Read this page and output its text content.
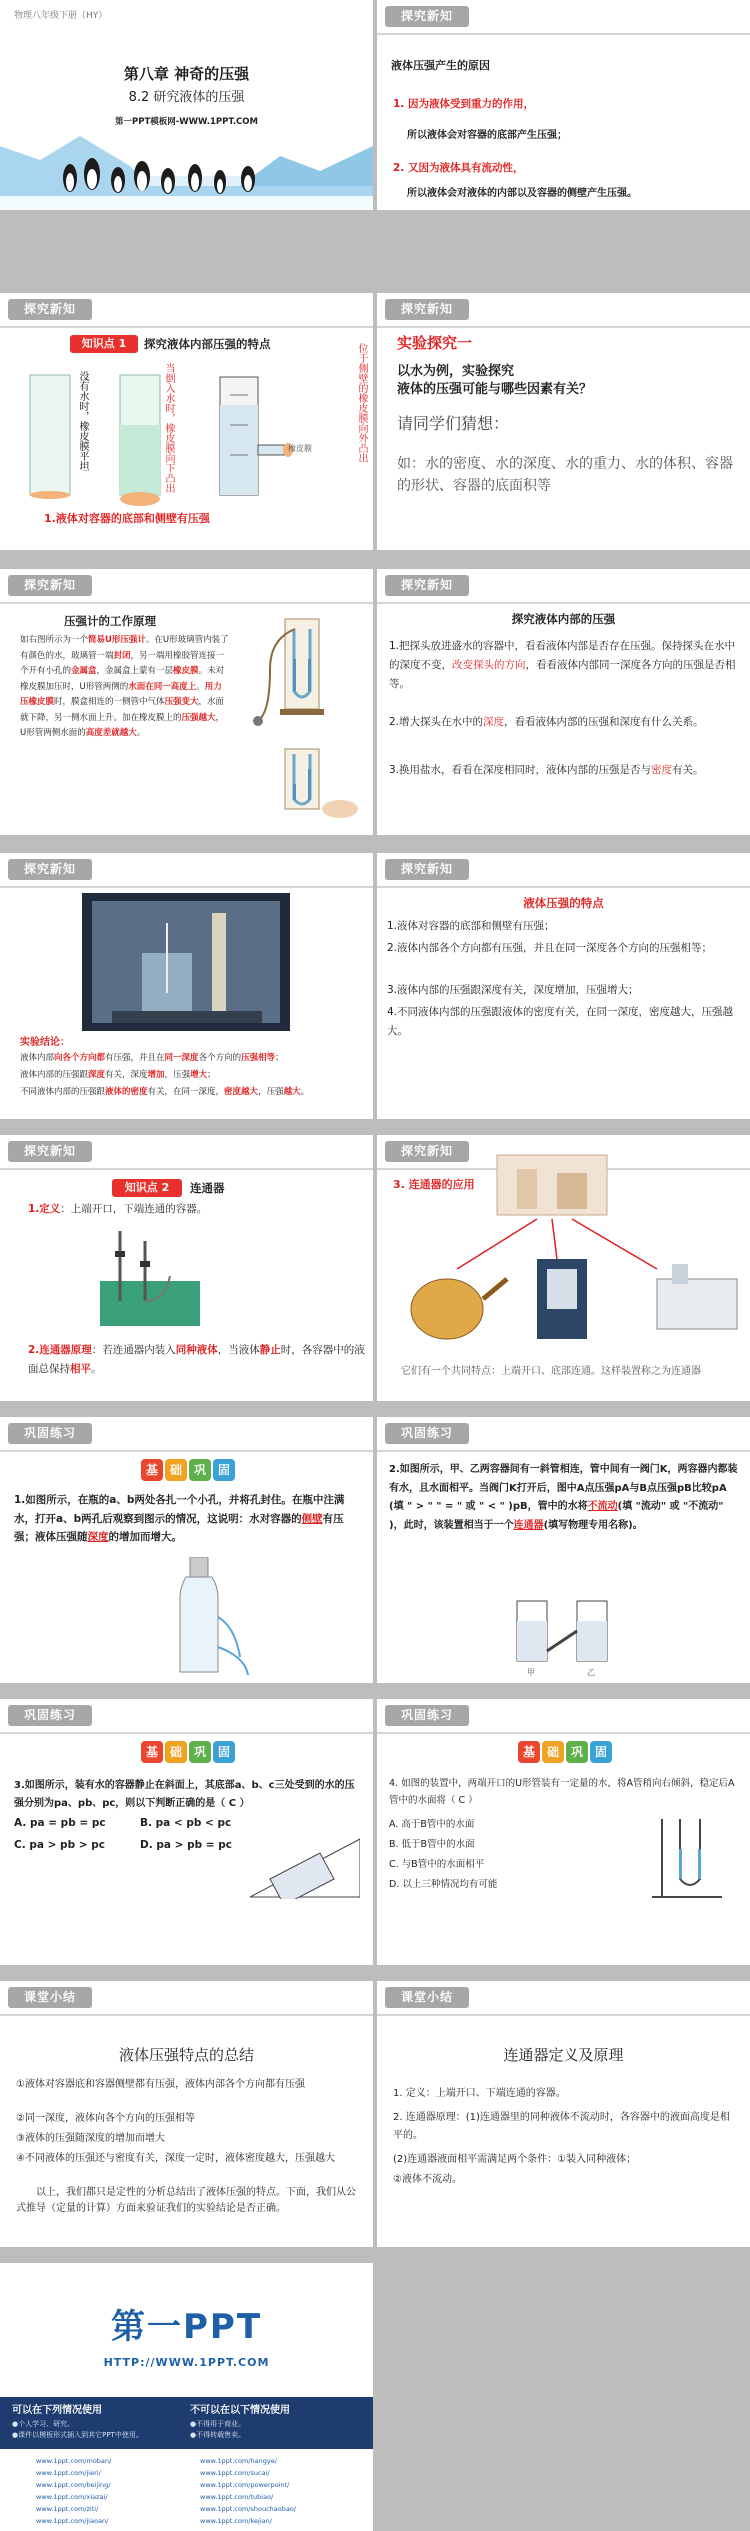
物理八年级下册（HY）
第八章 神奇的压强
8.2 研究液体的压强
第一PPT模板网-WWW.1PPT.COM
探究新知
液体压强产生的原因
1. 因为液体受到重力的作用，
所以液体会对容器的底部产生压强；
2. 又因为液体具有流动性，
所以液体会对液体的内部以及容器的侧壁产生压强。
探究新知
知识点 1	探究液体内部压强的特点
没有水时，橡皮膜平坦	当倒入水时，橡皮膜向下凸出	位于侧壁的橡皮膜向外凸出
橡皮膜
1.液体对容器的底部和侧壁有压强
探究新知
实验探究一
以水为例，实验探究
液体的压强可能与哪些因素有关？
请同学们猜想：
如：水的密度、水的深度、水的重力、水的体积、容器的形状、容器的底面积等
探究新知
压强计的工作原理
如右图所示为一个简易U形压强计。在U形玻璃管内装了有颜色的水，玻璃管一端封闭，另一端用橡胶管连接一个开有小孔的金属盒，金属盒上蒙有一层橡皮膜。未对橡皮膜加压时，U形管两侧的水面在同一高度上。用力压橡皮膜时，膜盒相连的一侧管中气体压强变大，水面就下降，另一侧水面上升。加在橡皮膜上的压强越大，U形管两侧水面的高度差就越大。
探究新知
探究液体内部的压强
1.把探头放进盛水的容器中，看看液体内部是否存在压强。保持探头在水中的深度不变，改变探头的方向，看看液体内部同一深度各方向的压强是否相等。
2.增大探头在水中的深度，看看液体内部的压强和深度有什么关系。
3.换用盐水，看看在深度相同时，液体内部的压强是否与密度有关。
探究新知
实验结论：
液体内部向各个方向都有压强，并且在同一深度各个方向的压强相等；
液体内部的压强跟深度有关，深度增加，压强增大；
不同液体内部的压强跟液体的密度有关，在同一深度，密度越大，压强越大。
探究新知
液体压强的特点
1.液体对容器的底部和侧壁有压强；
2.液体内部各个方向都有压强，并且在同一深度各个方向的压强相等；
3.液体内部的压强跟深度有关，深度增加，压强增大；
4.不同液体内部的压强跟液体的密度有关，在同一深度，密度越大，压强越大。
探究新知
知识点 2	连通器
1.定义：上端开口，下端连通的容器。
2.连通器原理：若连通器内装入同种液体，当液体静止时，各容器中的液面总保持相平。
探究新知
3. 连通器的应用
它们有一个共同特点：上端开口、底部连通。这样装置称之为连通器
巩固练习
基 础 巩 固
1.如图所示，在瓶的a、b两处各扎一个小孔，并将孔封住。在瓶中注满水，打开a、b两孔后观察到图示的情况，这说明：水对容器的侧壁有压强；液体压强随深度的增加而增大。
巩固练习
2.如图所示，甲、乙两容器间有一斜管相连，管中间有一阀门K，两容器内都装有水，且水面相平。当阀门K打开后，图中A点压强pA与B点压强pB比较pA (填 " > " " = " 或 " < " )pB，管中的水将不流动(填 "流动" 或 "不流动" )，此时，该装置相当于一个连通器(填写物理专用名称)。
甲	乙
巩固练习
基 础 巩 固
3.如图所示，装有水的容器静止在斜面上，其底部a、b、c三处受到的水的压强分别为pa、pb、pc，则以下判断正确的是（ C ）
A. pa = pb = pc	B. pa < pb < pc
C. pa > pb > pc	D. pa > pb = pc
巩固练习
基 础 巩 固
4. 如图的装置中，两端开口的U形管装有一定量的水，将A管稍向右倾斜，稳定后A管中的水面将（ C ）
A. 高于B管中的水面
B. 低于B管中的水面
C. 与B管中的水面相平
D. 以上三种情况均有可能
课堂小结
液体压强特点的总结
①液体对容器底和容器侧壁都有压强，液体内部各个方向都有压强
②同一深度，液体向各个方向的压强相等
③液体的压强随深度的增加而增大
④不同液体的压强还与密度有关，深度一定时，液体密度越大，压强越大
以上，我们都只是定性的分析总结出了液体压强的特点。下面，我们从公式推导（定量的计算）方面来验证我们的实验结论是否正确。
课堂小结
连通器定义及原理
1. 定义：上端开口、下端连通的容器。
2. 连通器原理：(1)连通器里的同种液体不流动时，各容器中的液面高度是相平的。
(2)连通器液面相平需满足两个条件：①装入同种液体；
②液体不流动。
第一PPT
HTTP://WWW.1PPT.COM
可以在下列情况使用	不可以在以下情况使用
●个人学习、研究。
●课件以模板形式插入到其它PPT中使用。
●不得用于商业。
●不得转载售卖。
www.1ppt.com/moban/	www.1ppt.com/hangye/
www.1ppt.com/jieri/	www.1ppt.com/sucai/
www.1ppt.com/beijing/	www.1ppt.com/powerpoint/
www.1ppt.com/xiazai/	www.1ppt.com/tubiao/
www.1ppt.com/ziti/	www.1ppt.com/shouchaobao/
www.1ppt.com/jiaoan/	www.1ppt.com/kejian/
